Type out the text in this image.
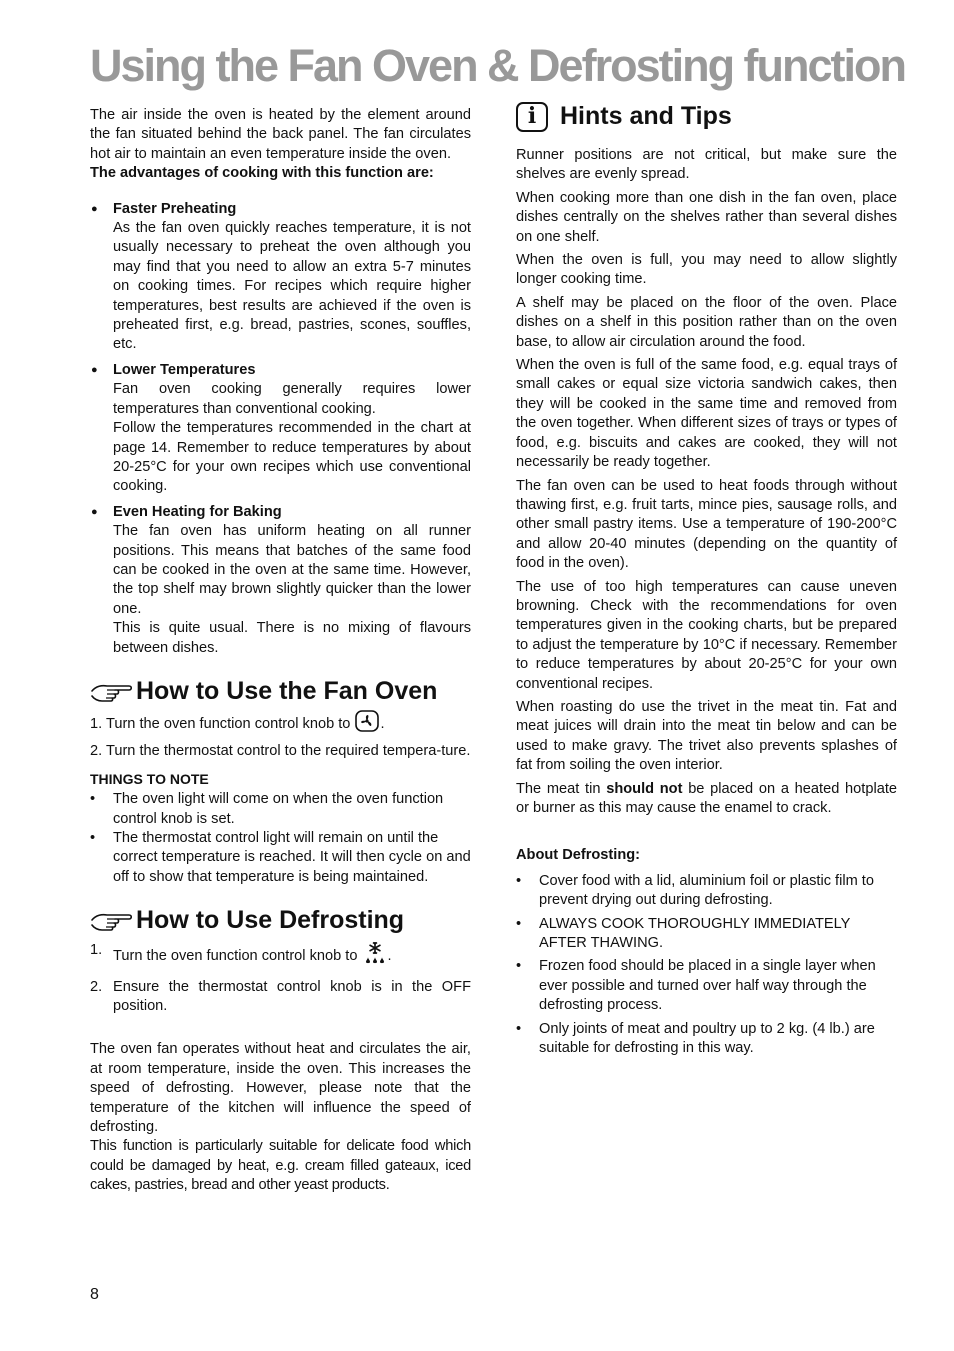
Using the Fan Oven & Defrosting function

The air inside the oven is heated by the element around the fan situated behind the back panel. The fan circulates hot air to maintain an even temperature inside the oven.

The advantages of cooking with this function are:

● Faster Preheating

As the fan oven quickly reaches temperature, it is not usually necessary to preheat the oven although you may find that you need to allow an extra 5-7 minutes on cooking times. For recipes which require higher temperatures, best results are achieved if the oven is preheated first, e.g. bread, pastries, scones, souffles, etc.

● Lower Temperatures

Fan oven cooking generally requires lower temperatures than conventional cooking.

Follow the temperatures recommended in the chart at page 14. Remember to reduce temperatures by about 20-25°C for your own recipes which use conventional cooking.

● Even Heating for Baking

The fan oven has uniform heating on all runner positions. This means that batches of the same food can be cooked in the oven at the same time. However, the top shelf may brown slightly quicker than the lower one.

This is quite usual. There is no mixing of flavours between dishes.

How to Use the Fan Oven

1. Turn the oven function control knob to .

2. Turn the thermostat control to the required tempera-ture.

THINGS TO NOTE

• The oven light will come on when the oven function control knob is set.
• The thermostat control light will remain on until the correct temperature is reached. It will then cycle on and off to show that temperature is being maintained.
How to Use Defrosting
1. Turn the oven function control knob to .
2. Ensure the thermostat control knob is in the OFF position.

The oven fan operates without heat and circulates the air, at room temperature, inside the oven. This increases the speed of defrosting. However, please note that the temperature of the kitchen will influence the speed of defrosting.

This function is particularly suitable for delicate food which could be damaged by heat, e.g. cream filled gateaux, iced cakes, pastries, bread and other yeast products.

i Hints and Tips

Runner positions are not critical, but make sure the shelves are evenly spread.

When cooking more than one dish in the fan oven, place dishes centrally on the shelves rather than several dishes on one shelf.

When the oven is full, you may need to allow slightly longer cooking time.

A shelf may be placed on the floor of the oven. Place dishes on a shelf in this position rather than on the oven base, to allow air circulation around the food.

When the oven is full of the same food, e.g. equal trays of small cakes or equal size victoria sandwich cakes, then they will be cooked in the same time and removed from the oven together. When different sizes of trays or types of food, e.g. biscuits and cakes are cooked, they will not necessarily be ready together.

The fan oven can be used to heat foods through without thawing first, e.g. fruit tarts, mince pies, sausage rolls, and other small pastry items. Use a temperature of 190-200°C and allow 20-40 minutes (depending on the quantity of food in the oven).

The use of too high temperatures can cause uneven browning. Check with the recommendations for oven temperatures given in the cooking charts, but be prepared to adjust the temperature by 10°C if necessary. Remember to reduce temperatures by about 20-25°C for your own conventional recipes.

When roasting do use the trivet in the meat tin. Fat and meat juices will drain into the meat tin below and can be used to make gravy. The trivet also prevents splashes of fat from soiling the oven interior.

The meat tin should not be placed on a heated hotplate or burner as this may cause the enamel to crack.

About Defrosting:

• Cover food with a lid, aluminium foil or plastic film to prevent drying out during defrosting.
• ALWAYS COOK THOROUGHLY IMMEDIATELY AFTER THAWING.
• Frozen food should be placed in a single layer when ever possible and turned over half way through the defrosting process.
• Only joints of meat and poultry up to 2 kg. (4 lb.) are suitable for defrosting in this way.
8
